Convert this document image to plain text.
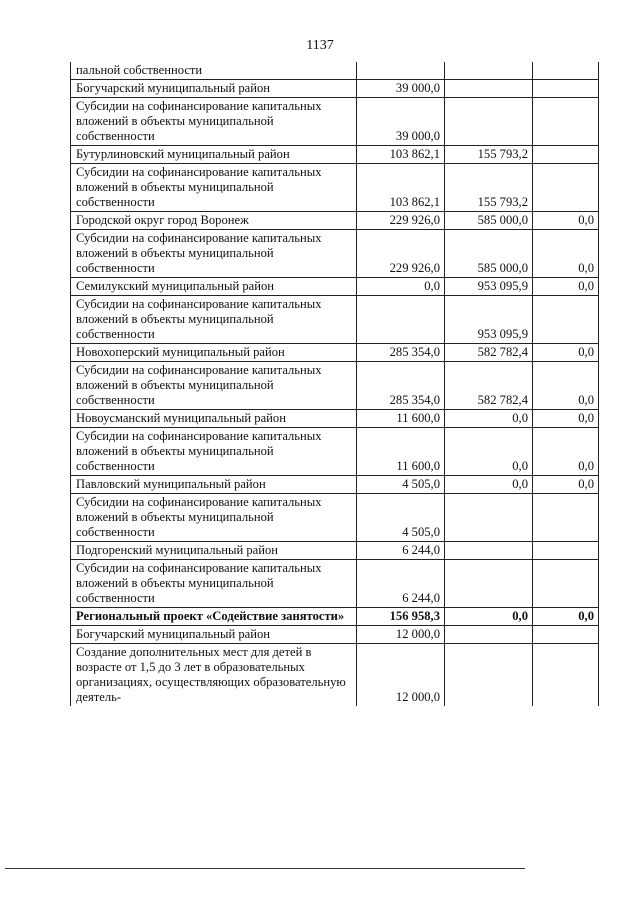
1137
пальной собственности			
Богучарский муниципальный район	39 000,0		
Субсидии на софинансирование капитальных вложений в объекты муниципальной собственности	39 000,0		
Бутурлиновский муниципальный район	103 862,1	155 793,2	
Субсидии на софинансирование капитальных вложений в объекты муниципальной собственности	103 862,1	155 793,2	
Городской округ город Воронеж	229 926,0	585 000,0	0,0
Субсидии на софинансирование капитальных вложений в объекты муниципальной собственности	229 926,0	585 000,0	0,0
Семилукский муниципальный район	0,0	953 095,9	0,0
Субсидии на софинансирование капитальных вложений в объекты муниципальной собственности		953 095,9	
Новохоперский муниципальный район	285 354,0	582 782,4	0,0
Субсидии на софинансирование капитальных вложений в объекты муниципальной собственности	285 354,0	582 782,4	0,0
Новоусманский муниципальный район	11 600,0	0,0	0,0
Субсидии на софинансирование капитальных вложений в объекты муниципальной собственности	11 600,0	0,0	0,0
Павловский муниципальный район	4 505,0	0,0	0,0
Субсидии на софинансирование капитальных вложений в объекты муниципальной собственности	4 505,0		
Подгоренский муниципальный район	6 244,0		
Субсидии на софинансирование капитальных вложений в объекты муниципальной собственности	6 244,0		
Региональный проект «Содействие занятости»	156 958,3	0,0	0,0
Богучарский муниципальный район	12 000,0		
Создание дополнительных мест для детей в возрасте от 1,5 до 3 лет в образовательных организациях, осуществляющих образовательную деятель-	12 000,0		
